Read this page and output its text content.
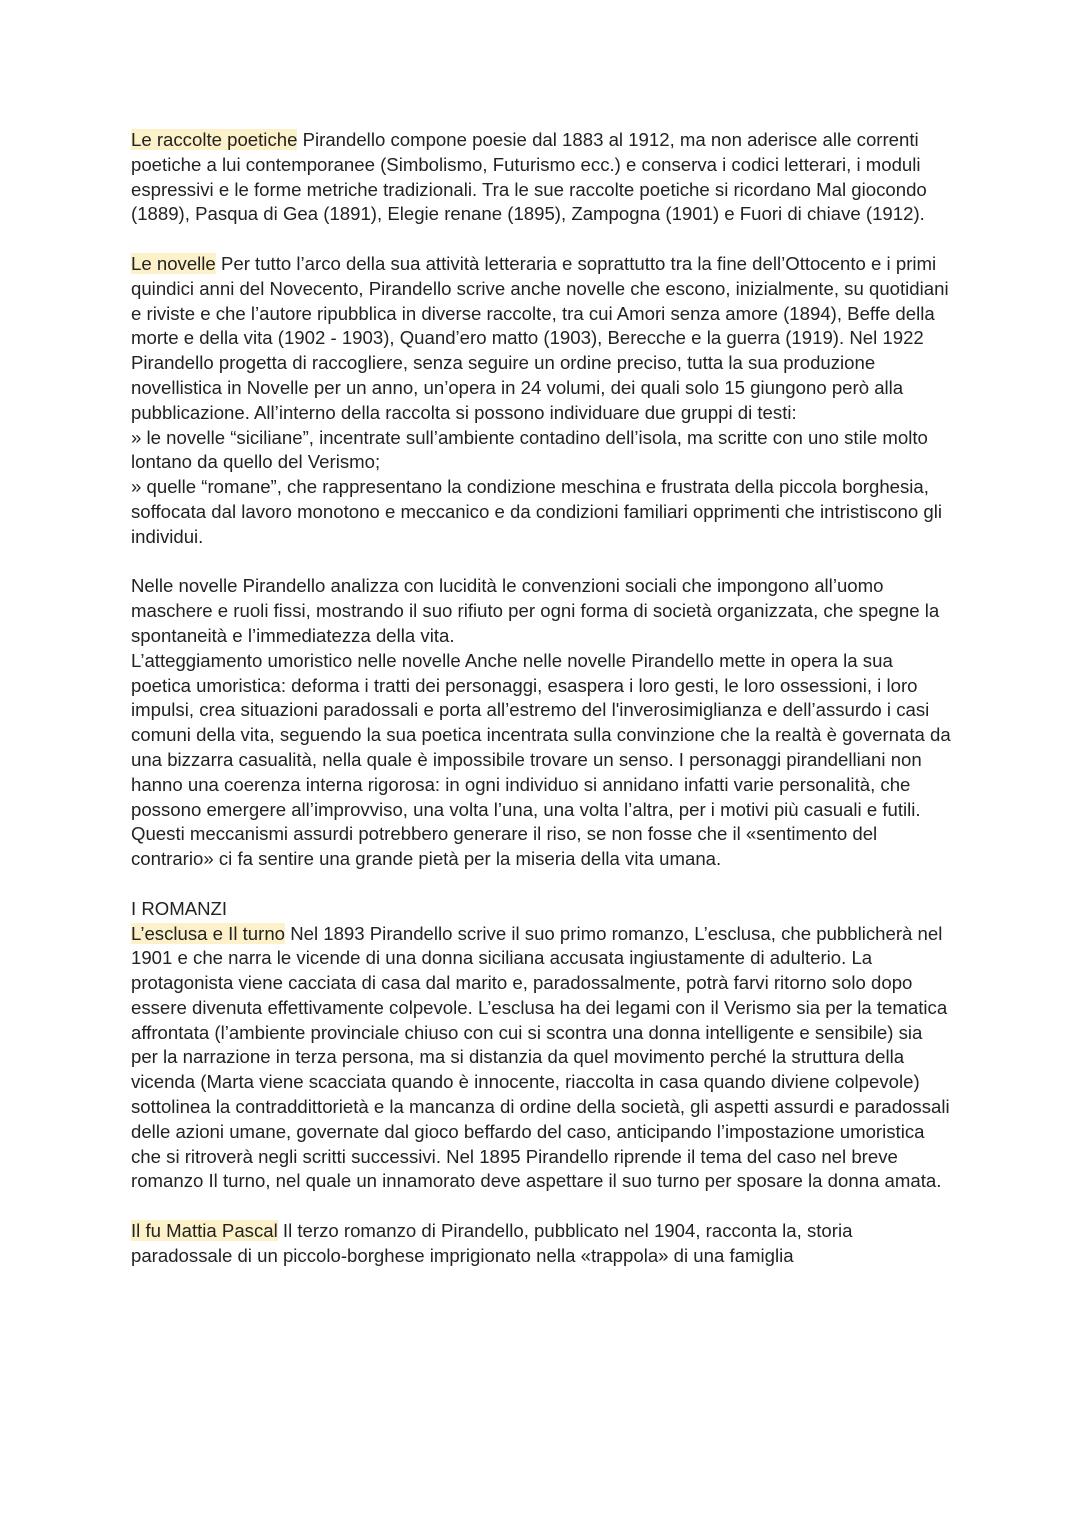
Le raccolte poetiche Pirandello compone poesie dal 1883 al 1912, ma non aderisce alle correnti poetiche a lui contemporanee (Simbolismo, Futurismo ecc.) e conserva i codici letterari, i moduli espressivi e le forme metriche tradizionali. Tra le sue raccolte poetiche si ricordano Mal giocondo (1889), Pasqua di Gea (1891), Elegie renane (1895), Zampogna (1901) e Fuori di chiave (1912).

Le novelle Per tutto l’arco della sua attività letteraria e soprattutto tra la fine dell’Ottocento e i primi quindici anni del Novecento, Pirandello scrive anche novelle che escono, inizialmente, su quotidiani e riviste e che l’autore ripubblica in diverse raccolte, tra cui Amori senza amore (1894), Beffe della morte e della vita (1902 - 1903), Quand’ero matto (1903), Berecche e la guerra (1919). Nel 1922 Pirandello progetta di raccogliere, senza seguire un ordine preciso, tutta la sua produzione novellistica in Novelle per un anno, un’opera in 24 volumi, dei quali solo 15 giungono però alla pubblicazione. All’interno della raccolta si possono individuare due gruppi di testi:
» le novelle “siciliane”, incentrate sull’ambiente contadino dell’isola, ma scritte con uno stile molto lontano da quello del Verismo;
» quelle “romane”, che rappresentano la condizione meschina e frustrata della piccola borghesia, soffocata dal lavoro monotono e meccanico e da condizioni familiari opprimenti che intristiscono gli individui.

Nelle novelle Pirandello analizza con lucidità le convenzioni sociali che impongono all’uomo maschere e ruoli fissi, mostrando il suo rifiuto per ogni forma di società organizzata, che spegne la spontaneità e l’immediatezza della vita.

L’atteggiamento umoristico nelle novelle Anche nelle novelle Pirandello mette in opera la sua poetica umoristica: deforma i tratti dei personaggi, esaspera i loro gesti, le loro ossessioni, i loro impulsi, crea situazioni paradossali e porta all’estremo del l'inverosimiglianza e dell’assurdo i casi comuni della vita, seguendo la sua poetica incentrata sulla convinzione che la realtà è governata da una bizzarra casualità, nella quale è impossibile trovare un senso. I personaggi pirandelliani non hanno una coerenza interna rigorosa: in ogni individuo si annidano infatti varie personalità, che possono emergere all’improvviso, una volta l’una, una volta l’altra, per i motivi più casuali e futili. Questi meccanismi assurdi potrebbero generare il riso, se non fosse che il «sentimento del contrario» ci fa sentire una grande pietà per la miseria della vita umana.

I ROMANZI
L’esclusa e Il turno Nel 1893 Pirandello scrive il suo primo romanzo, L’esclusa, che pubblicherà nel 1901 e che narra le vicende di una donna siciliana accusata ingiustamente di adulterio. La protagonista viene cacciata di casa dal marito e, paradossalmente, potrà farvi ritorno solo dopo essere divenuta effettivamente colpevole. L’esclusa ha dei legami con il Verismo sia per la tematica affrontata (l’ambiente provinciale chiuso con cui si scontra una donna intelligente e sensibile) sia per la narrazione in terza persona, ma si distanzia da quel movimento perché la struttura della vicenda (Marta viene scacciata quando è innocente, riaccolta in casa quando diviene colpevole) sottolinea la contraddittorietà e la mancanza di ordine della società, gli aspetti assurdi e paradossali delle azioni umane, governate dal gioco beffardo del caso, anticipando l’impostazione umoristica che si ritroverà negli scritti successivi. Nel 1895 Pirandello riprende il tema del caso nel breve romanzo Il turno, nel quale un innamorato deve aspettare il suo turno per sposare la donna amata.

Il fu Mattia Pascal Il terzo romanzo di Pirandello, pubblicato nel 1904, racconta la, storia paradossale di un piccolo-borghese imprigionato nella «trappola» di una famiglia
